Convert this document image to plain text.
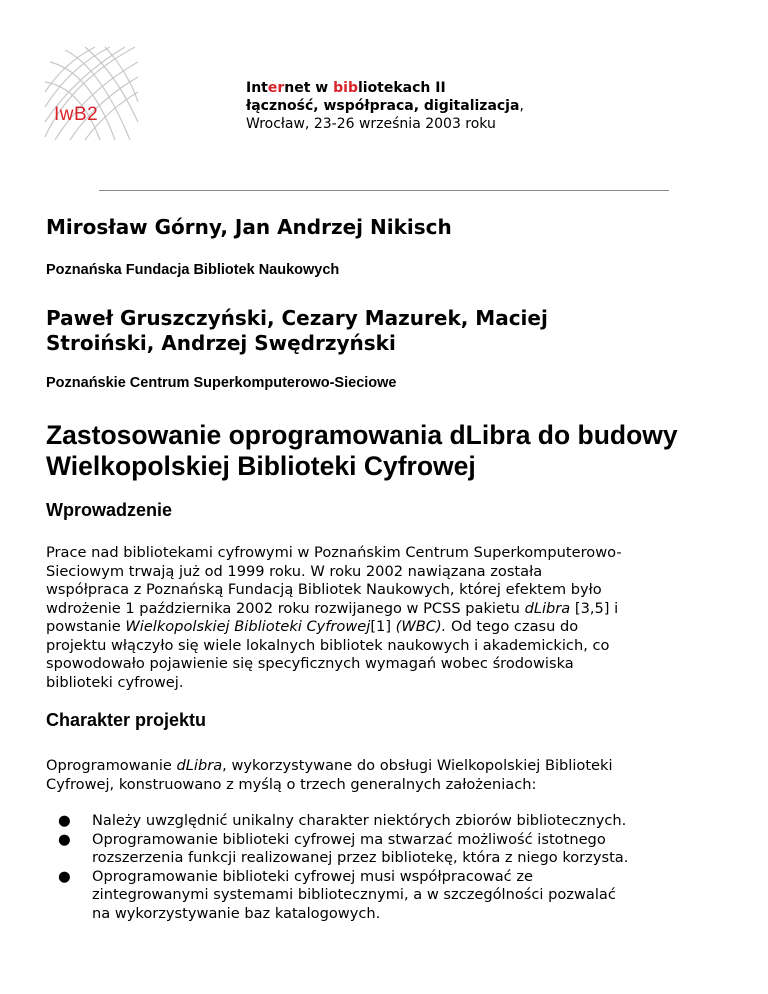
IwB2
Internet w bibliotekach II
łączność, współpraca, digitalizacja,
Wrocław, 23-26 września 2003 roku
Mirosław Górny, Jan Andrzej Nikisch
Poznańska Fundacja Bibliotek Naukowych
Paweł Gruszczyński, Cezary Mazurek, Maciej
Stroiński, Andrzej Swędrzyński
Poznańskie Centrum Superkomputerowo-Sieciowe
Zastosowanie oprogramowania dLibra do budowy
Wielkopolskiej Biblioteki Cyfrowej
Wprowadzenie
Prace nad bibliotekami cyfrowymi w Poznańskim Centrum Superkomputerowo-
Sieciowym trwają już od 1999 roku. W roku 2002 nawiązana została
współpraca z Poznańską Fundacją Bibliotek Naukowych, której efektem było
wdrożenie 1 października 2002 roku rozwijanego w PCSS pakietu dLibra [3,5] i
powstanie Wielkopolskiej Biblioteki Cyfrowej[1] (WBC). Od tego czasu do
projektu włączyło się wiele lokalnych bibliotek naukowych i akademickich, co
spowodowało pojawienie się specyficznych wymagań wobec środowiska
biblioteki cyfrowej.
Charakter projektu
Oprogramowanie dLibra, wykorzystywane do obsługi Wielkopolskiej Biblioteki
Cyfrowej, konstruowano z myślą o trzech generalnych założeniach:
● Należy uwzględnić unikalny charakter niektórych zbiorów bibliotecznych.
● Oprogramowanie biblioteki cyfrowej ma stwarzać możliwość istotnego
rozszerzenia funkcji realizowanej przez bibliotekę, która z niego korzysta.
● Oprogramowanie biblioteki cyfrowej musi współpracować ze
zintegrowanymi systemami bibliotecznymi, a w szczególności pozwalać
na wykorzystywanie baz katalogowych.
